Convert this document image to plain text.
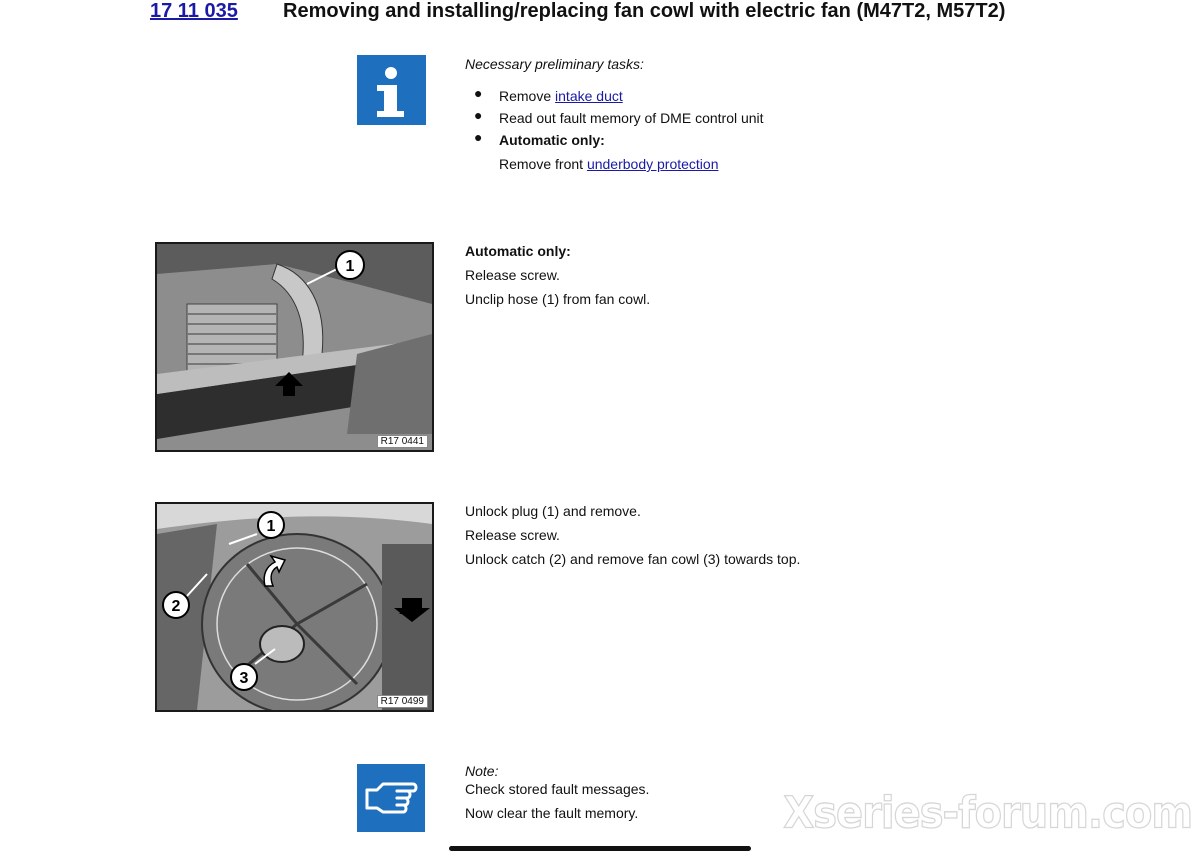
17 11 035 Removing and installing/replacing fan cowl with electric fan (M47T2, M57T2)
Necessary preliminary tasks:
● Remove intake duct
● Read out fault memory of DME control unit
● Automatic only:
Remove front underbody protection
1
R17 0441
Automatic only:
Release screw.
Unclip hose (1) from fan cowl.
1
2
3
R17 0499
Unlock plug (1) and remove.
Release screw.
Unlock catch (2) and remove fan cowl (3) towards top.
Note:
Check stored fault messages.
Now clear the fault memory.	Xseries-forum.com
